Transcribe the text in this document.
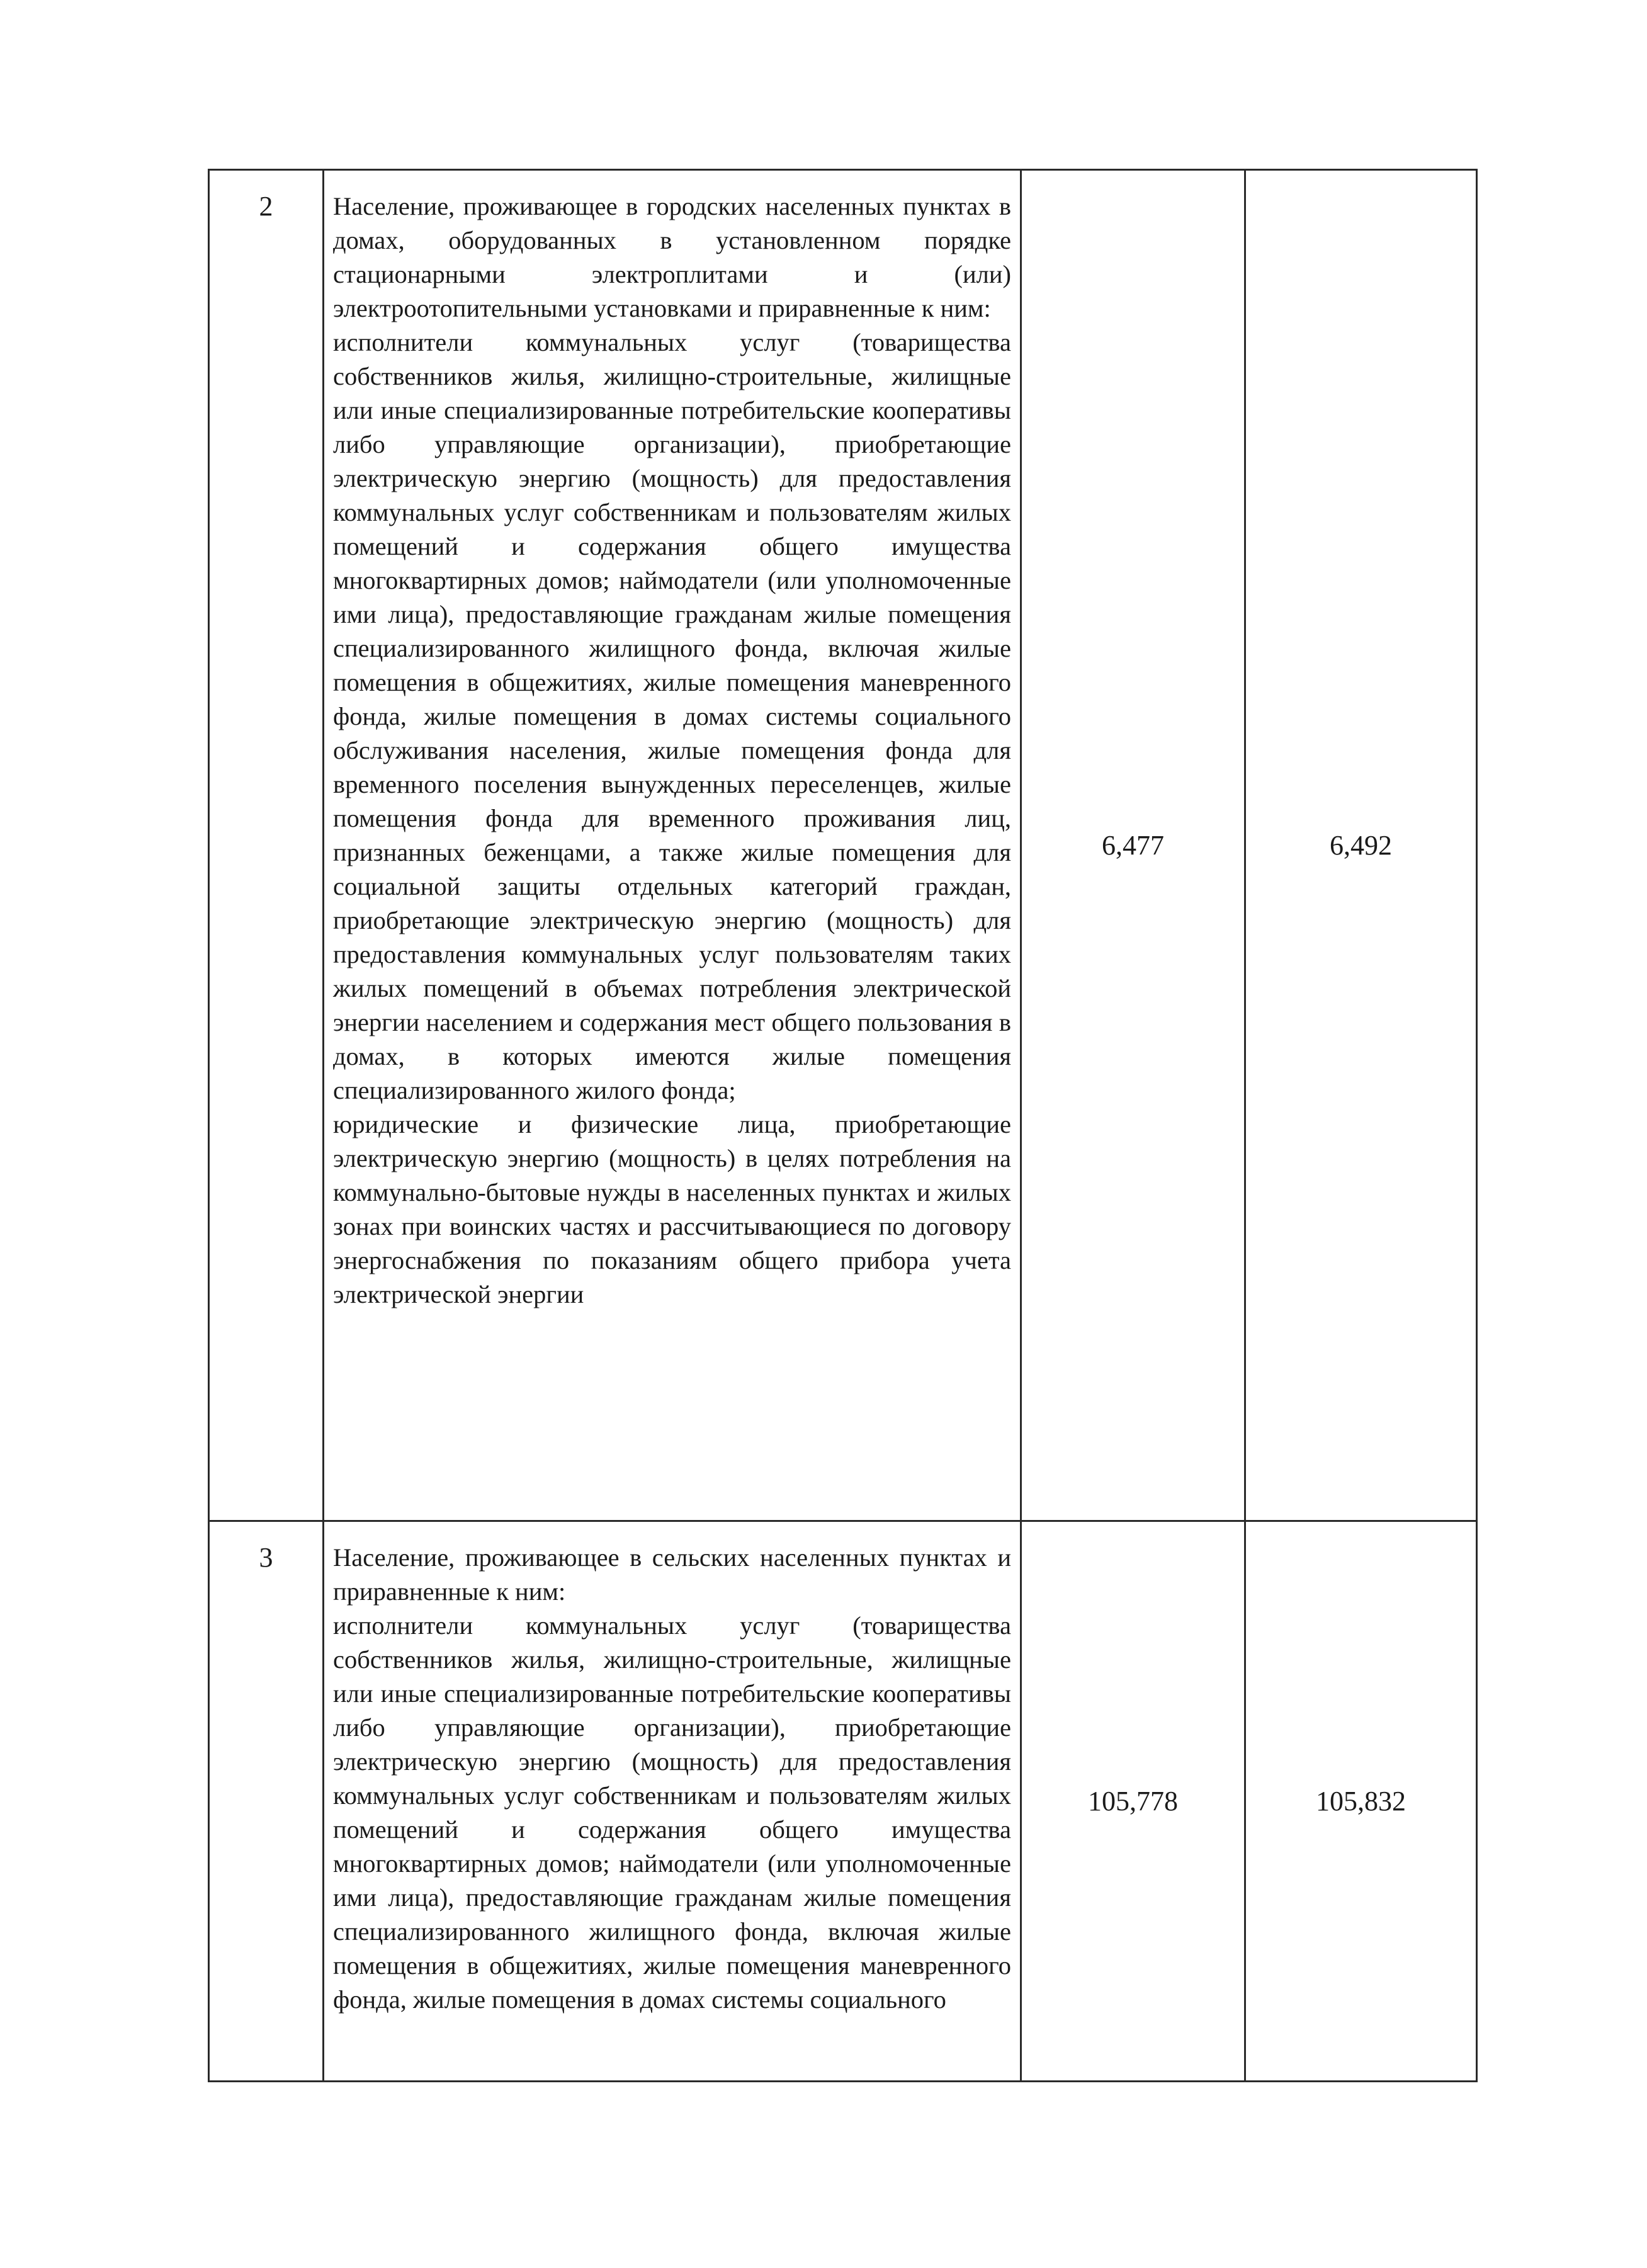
2	Население, проживающее в городских населенных пунктах в домах, оборудованных в установленном порядке стационарными электроплитами и (или) электроотопительными установками и приравненные к ним:

исполнители коммунальных услуг (товарищества собственников жилья, жилищно-строительные, жилищные или иные специализированные потребительские кооперативы либо управляющие организации), приобретающие электрическую энергию (мощность) для предоставления коммунальных услуг собственникам и пользователям жилых помещений и содержания общего имущества многоквартирных домов; наймодатели (или уполномоченные ими лица), предоставляющие гражданам жилые помещения специализированного жилищного фонда, включая жилые помещения в общежитиях, жилые помещения маневренного фонда, жилые помещения в домах системы социального обслуживания населения, жилые помещения фонда для временного поселения вынужденных переселенцев, жилые помещения фонда для временного проживания лиц, признанных беженцами, а также жилые помещения для социальной защиты отдельных категорий граждан, приобретающие электрическую энергию (мощность) для предоставления коммунальных услуг пользователям таких жилых помещений в объемах потребления электрической энергии населением и содержания мест общего пользования в домах, в которых имеются жилые помещения специализированного жилого фонда;

юридические и физические лица, приобретающие электрическую энергию (мощность) в целях потребления на коммунально-бытовые нужды в населенных пунктах и жилых зонах при воинских частях и рассчитывающиеся по договору энергоснабжения по показаниям общего прибора учета электрической энергии	6,477	6,492
3	Население, проживающее в сельских населенных пунктах и приравненные к ним:

исполнители коммунальных услуг (товарищества собственников жилья, жилищно-строительные, жилищные или иные специализированные потребительские кооперативы либо управляющие организации), приобретающие электрическую энергию (мощность) для предоставления коммунальных услуг собственникам и пользователям жилых помещений и содержания общего имущества многоквартирных домов; наймодатели (или уполномоченные ими лица), предоставляющие гражданам жилые помещения специализированного жилищного фонда, включая жилые помещения в общежитиях, жилые помещения маневренного фонда, жилые помещения в домах системы социального	105,778	105,832
